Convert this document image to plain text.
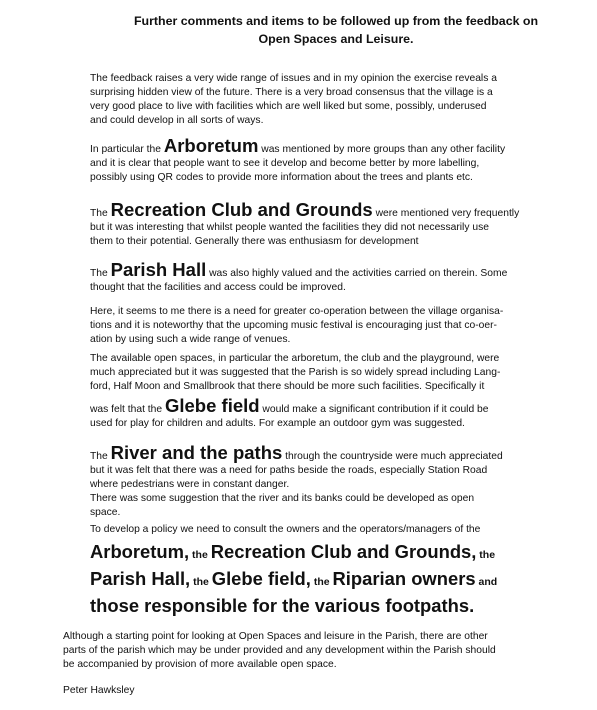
Further comments and items to be followed up from the feedback on
Open Spaces and Leisure.

The feedback raises a very wide range of issues and in my opinion the exercise reveals a
surprising hidden view of the future. There is a very broad consensus that the village is a
very good place to live with facilities which are well liked but some, possibly, underused
and could develop in all sorts of ways.

In particular the Arboretum was mentioned by more groups than any other facility
and it is clear that people want to see it develop and become better by more labelling,
possibly using QR codes to provide more information about the trees and plants etc.

The Recreation Club and Grounds were mentioned very frequently
but it was interesting that whilst people wanted the facilities they did not necessarily use
them to their potential. Generally there was enthusiasm for development

The Parish Hall was also highly valued and the activities carried on therein. Some
thought that the facilities and access could be improved.

Here, it seems to me there is a need for greater co-operation between the village organisa-
tions and it is noteworthy that the upcoming music festival is encouraging just that co-oer-
ation by using such a wide range of venues.

The available open spaces, in particular the arboretum, the club and the playground, were
much appreciated but it was suggested that the Parish is so widely spread including Lang-
ford, Half Moon and Smallbrook that there should be more such facilities. Specifically it
was felt that the Glebe field would make a significant contribution if it could be
used for play for children and adults. For example an outdoor gym was suggested.

The River and the paths through the countryside were much appreciated
but it was felt that there was a need for paths beside the roads, especially Station Road
where pedestrians were in constant danger.
There was some suggestion that the river and its banks could be developed as open
space.

To develop a policy we need to consult the owners and the operators/managers of the

Arboretum, the Recreation Club and Grounds, the
Parish Hall, the Glebe field, the Riparian owners and
those responsible for the various footpaths.

Although a starting point for looking at Open Spaces and leisure in the Parish, there are other
parts of the parish which may be under provided and any development within the Parish should
be accompanied by provision of more available open space.

Peter Hawksley
